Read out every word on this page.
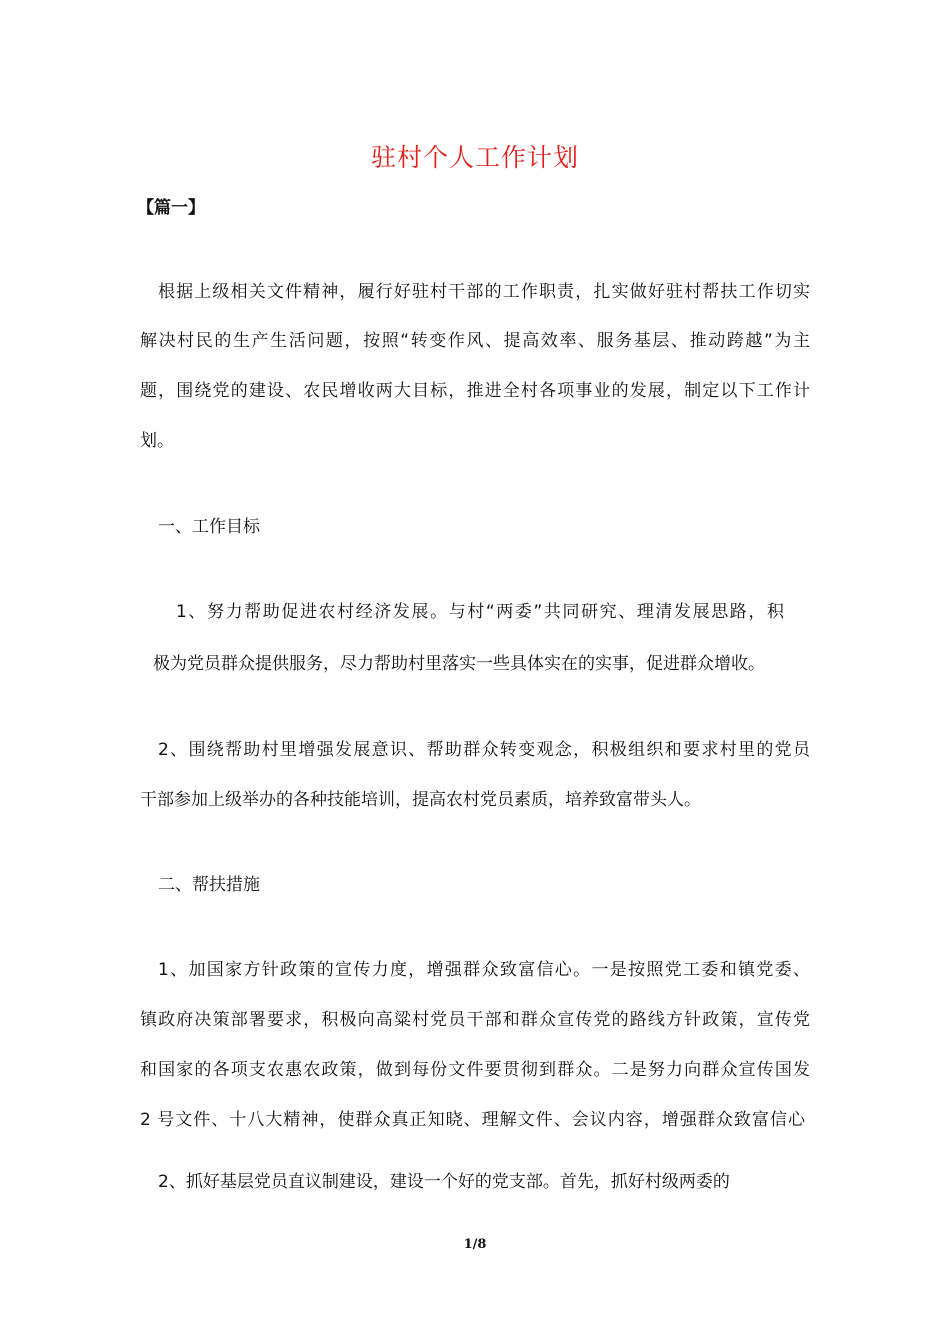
驻村个人工作计划
【篇一】
根据上级相关文件精神，履行好驻村干部的工作职责，扎实做好驻村帮扶工作切实
解决村民的生产生活问题，按照“转变作风、提高效率、服务基层、推动跨越”为主
题，围绕党的建设、农民增收两大目标，推进全村各项事业的发展，制定以下工作计
划。
一、工作目标
1、努力帮助促进农村经济发展。与村“两委”共同研究、理清发展思路，积
极为党员群众提供服务，尽力帮助村里落实一些具体实在的实事，促进群众增收。
2、围绕帮助村里增强发展意识、帮助群众转变观念，积极组织和要求村里的党员
干部参加上级举办的各种技能培训，提高农村党员素质，培养致富带头人。
二、帮扶措施
1、加国家方针政策的宣传力度，增强群众致富信心。一是按照党工委和镇党委、
镇政府决策部署要求，积极向高粱村党员干部和群众宣传党的路线方针政策，宣传党
和国家的各项支农惠农政策，做到每份文件要贯彻到群众。二是努力向群众宣传国发
2 号文件、十八大精神，使群众真正知晓、理解文件、会议内容，增强群众致富信心
2、抓好基层党员直议制建设，建设一个好的党支部。首先，抓好村级两委的
1/8
